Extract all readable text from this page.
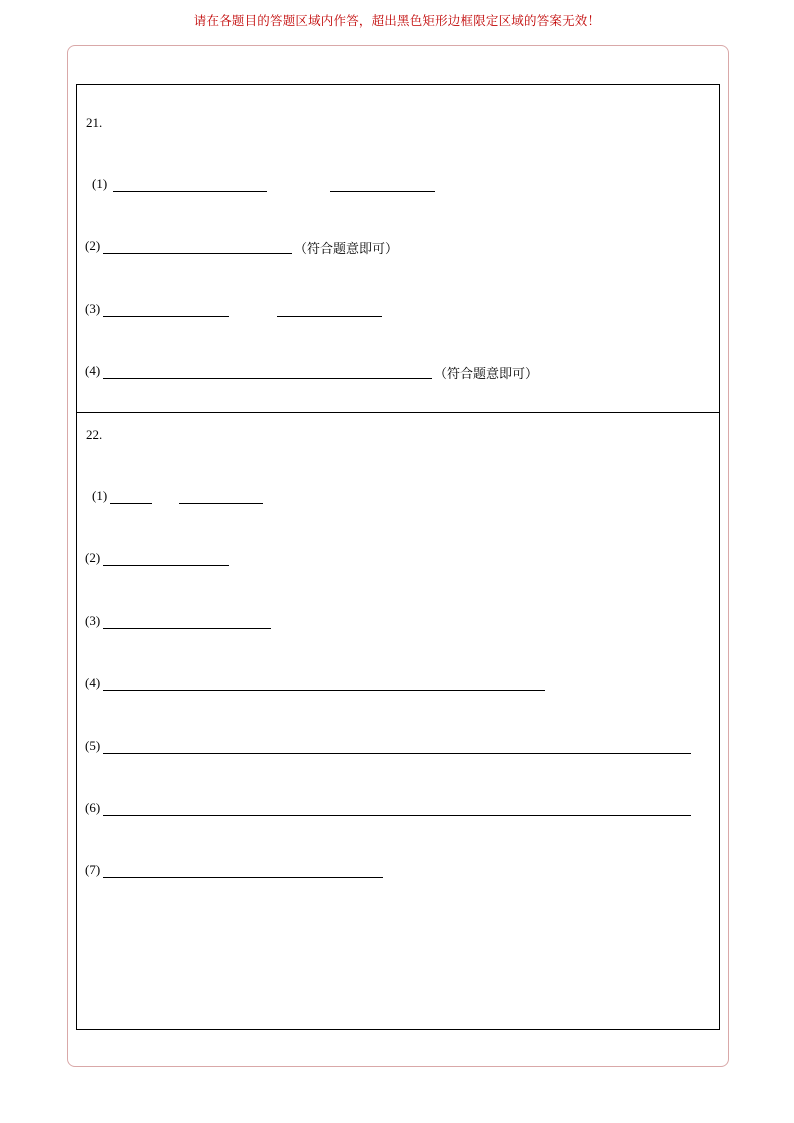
请在各题目的答题区域内作答，超出黑色矩形边框限定区域的答案无效！
21.
(1)
(2)	（符合题意即可）
(3)
(4)	（符合题意即可）
22.
(1)
(2)
(3)
(4)
(5)
(6)
(7)
